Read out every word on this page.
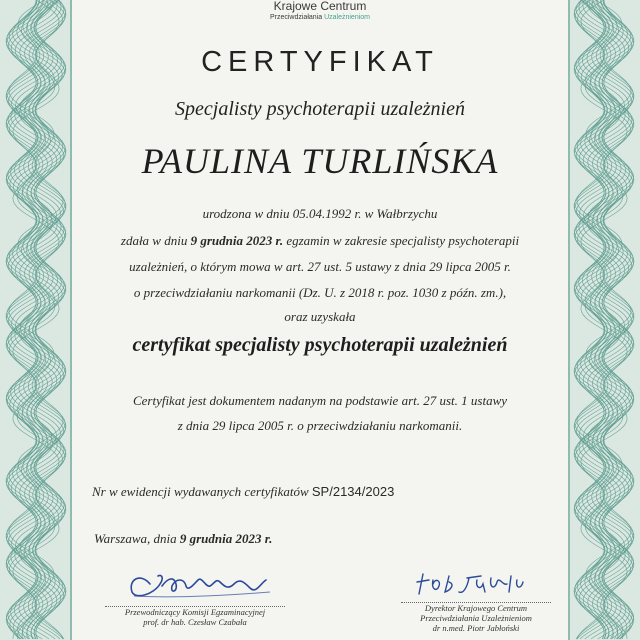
Krajowe Centrum
Przeciwdziałania Uzależnieniom
CERTYFIKAT
Specjalisty psychoterapii uzależnień
PAULINA TURLIŃSKA
urodzona w dniu 05.04.1992 r. w Wałbrzychu
zdała w dniu 9 grudnia 2023 r. egzamin w zakresie specjalisty psychoterapii
uzależnień, o którym mowa w art. 27 ust. 5 ustawy z dnia 29 lipca 2005 r.
o przeciwdziałaniu narkomanii (Dz. U. z 2018 r. poz. 1030 z późn. zm.),
oraz uzyskała
certyfikat specjalisty psychoterapii uzależnień
Certyfikat jest dokumentem nadanym na podstawie art. 27 ust. 1 ustawy
z dnia 29 lipca 2005 r. o przeciwdziałaniu narkomanii.
Nr w ewidencji wydawanych certyfikatów SP/2134/2023
Warszawa, dnia 9 grudnia 2023 r.
Przewodniczący Komisji Egzaminacyjnej
prof. dr hab. Czesław Czabała
Dyrektor Krajowego Centrum
Przeciwdziałania Uzależnieniom
dr n.med. Piotr Jabłoński
